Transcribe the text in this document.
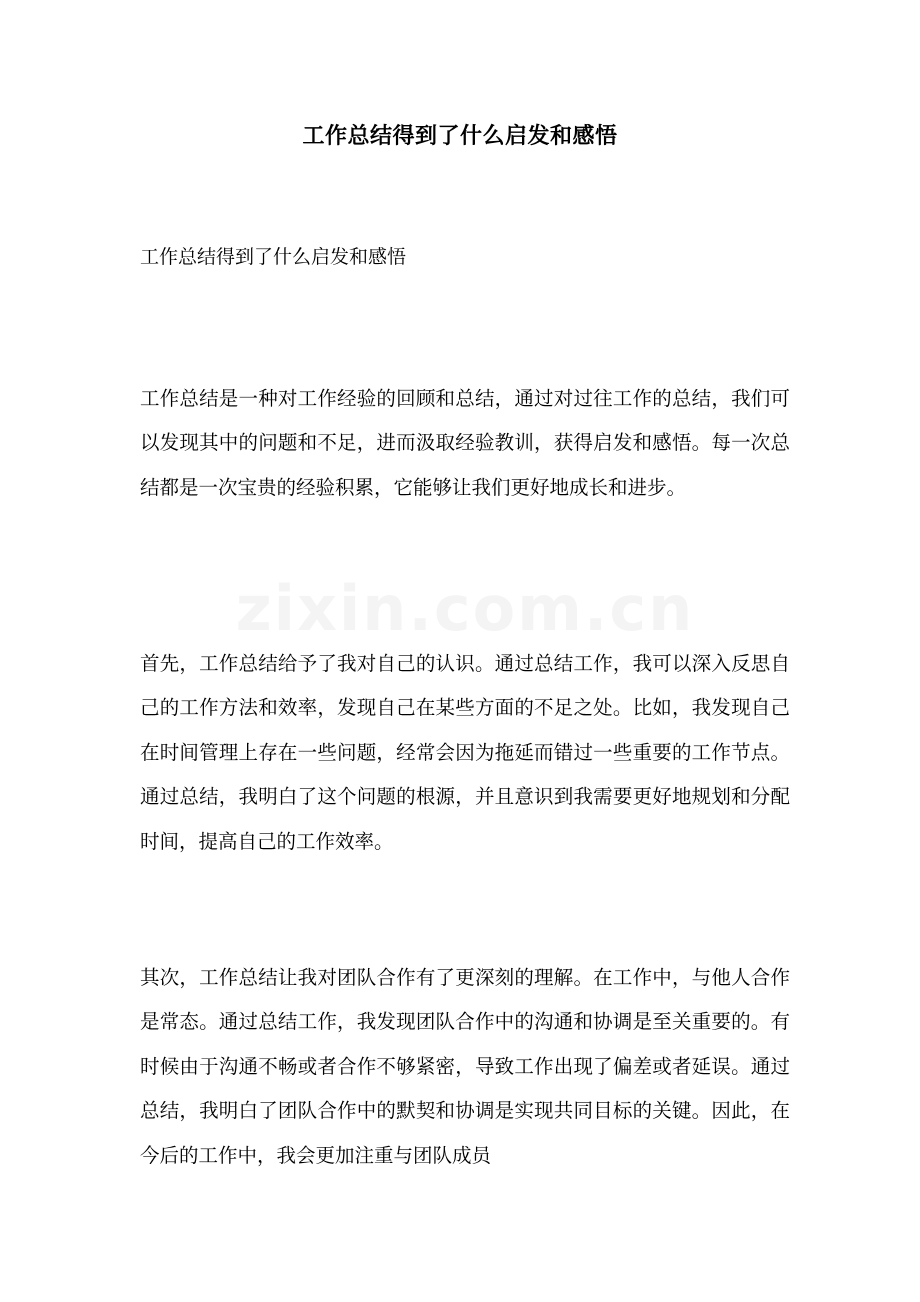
工作总结得到了什么启发和感悟
工作总结得到了什么启发和感悟
zixin.com.cn

工作总结是一种对工作经验的回顾和总结，通过对过往工作的总结，我们可以发现其中的问题和不足，进而汲取经验教训，获得启发和感悟。每一次总结都是一次宝贵的经验积累，它能够让我们更好地成长和进步。

首先，工作总结给予了我对自己的认识。通过总结工作，我可以深入反思自己的工作方法和效率，发现自己在某些方面的不足之处。比如，我发现自己在时间管理上存在一些问题，经常会因为拖延而错过一些重要的工作节点。通过总结，我明白了这个问题的根源，并且意识到我需要更好地规划和分配时间，提高自己的工作效率。

其次，工作总结让我对团队合作有了更深刻的理解。在工作中，与他人合作是常态。通过总结工作，我发现团队合作中的沟通和协调是至关重要的。有时候由于沟通不畅或者合作不够紧密，导致工作出现了偏差或者延误。通过总结，我明白了团队合作中的默契和协调是实现共同目标的关键。因此，在今后的工作中，我会更加注重与团队成员
